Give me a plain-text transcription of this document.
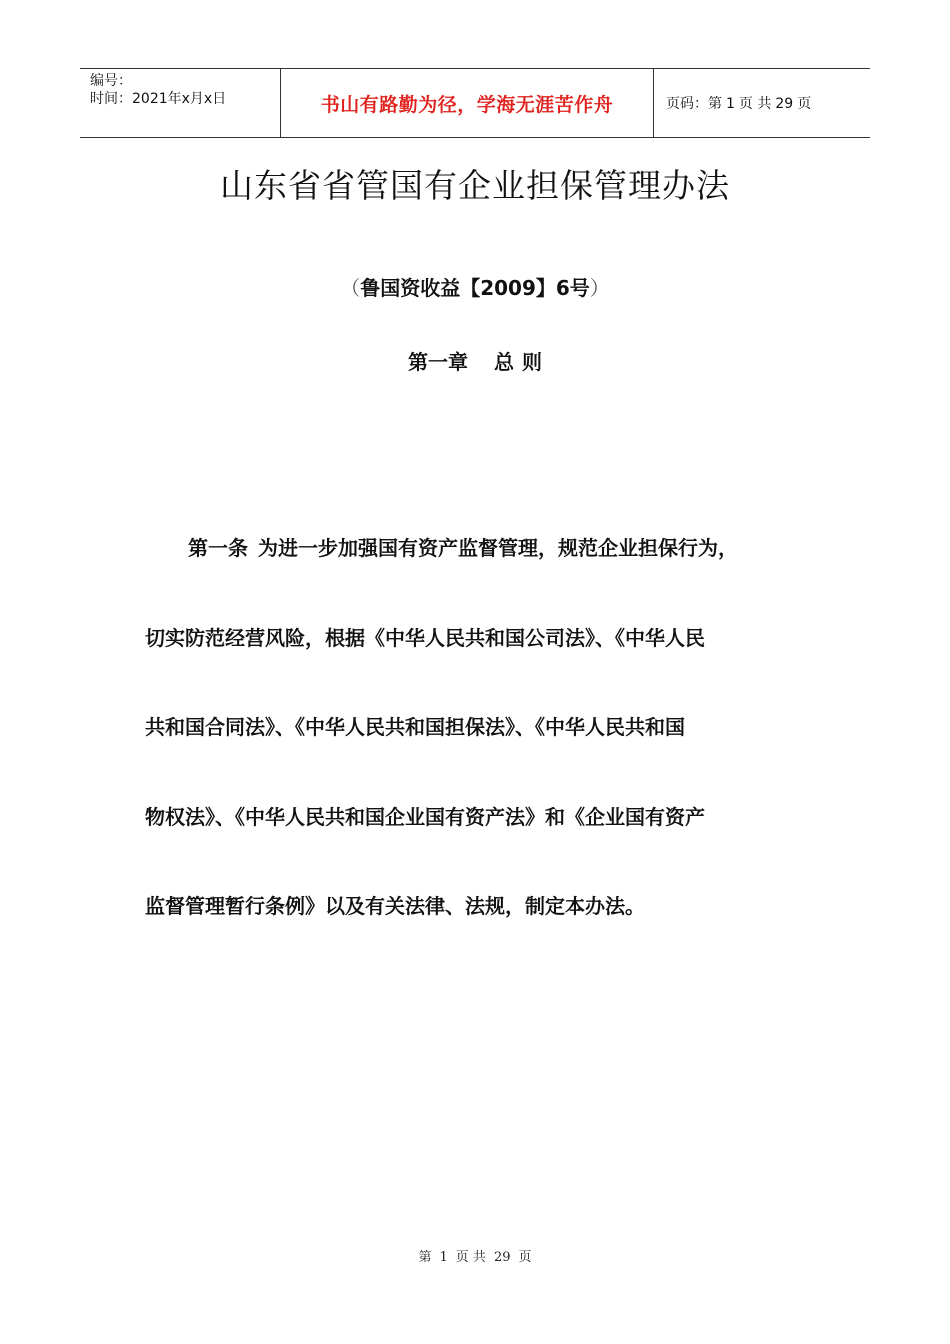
编号：
时间：2021年x月x日	书山有路勤为径，学海无涯苦作舟	页码：第 1 页 共 29 页
山东省省管国有企业担保管理办法
（鲁国资收益【2009】6号）
第一章 总 则
第一条 为进一步加强国有资产监督管理，规范企业担保行为，
切实防范经营风险，根据《中华人民共和国公司法》、《中华人民
共和国合同法》、《中华人民共和国担保法》、《中华人民共和国
物权法》、《中华人民共和国企业国有资产法》和《企业国有资产
监督管理暂行条例》以及有关法律、法规，制定本办法。
第 1 页 共 29 页
